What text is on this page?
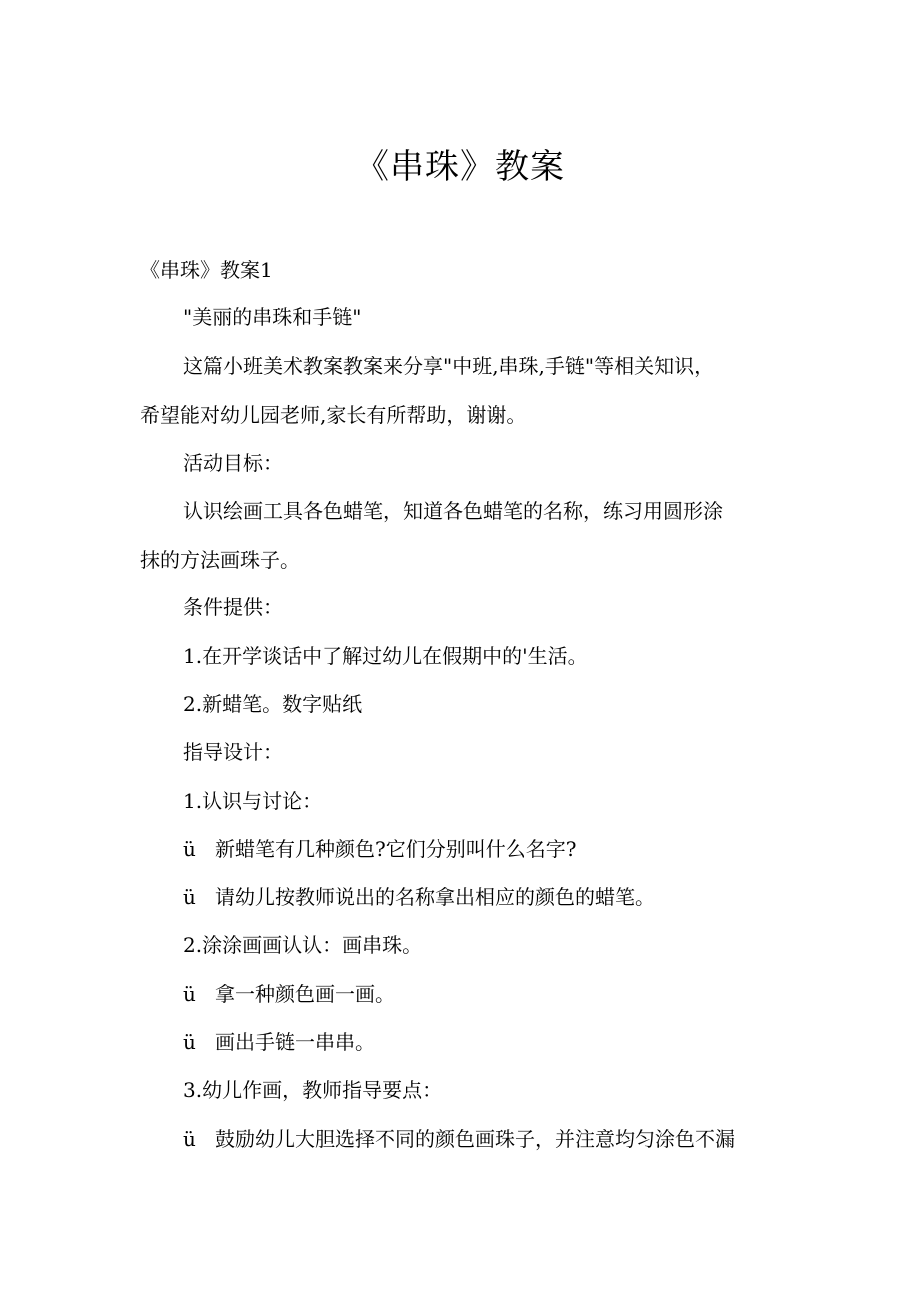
《串珠》教案

《串珠》教案1

"美丽的串珠和手链"

这篇小班美术教案教案来分享"中班,串珠,手链"等相关知识，

希望能对幼儿园老师,家长有所帮助，谢谢。

活动目标：

认识绘画工具各色蜡笔，知道各色蜡笔的名称，练习用圆形涂

抹的方法画珠子。

条件提供：

1.在开学谈话中了解过幼儿在假期中的'生活。

2.新蜡笔。数字贴纸

指导设计：

1.认识与讨论：

ü 新蜡笔有几种颜色?它们分别叫什么名字?

ü 请幼儿按教师说出的名称拿出相应的颜色的蜡笔。

2.涂涂画画认认：画串珠。

ü 拿一种颜色画一画。

ü 画出手链一串串。

3.幼儿作画，教师指导要点：

ü 鼓励幼儿大胆选择不同的颜色画珠子，并注意均匀涂色不漏
